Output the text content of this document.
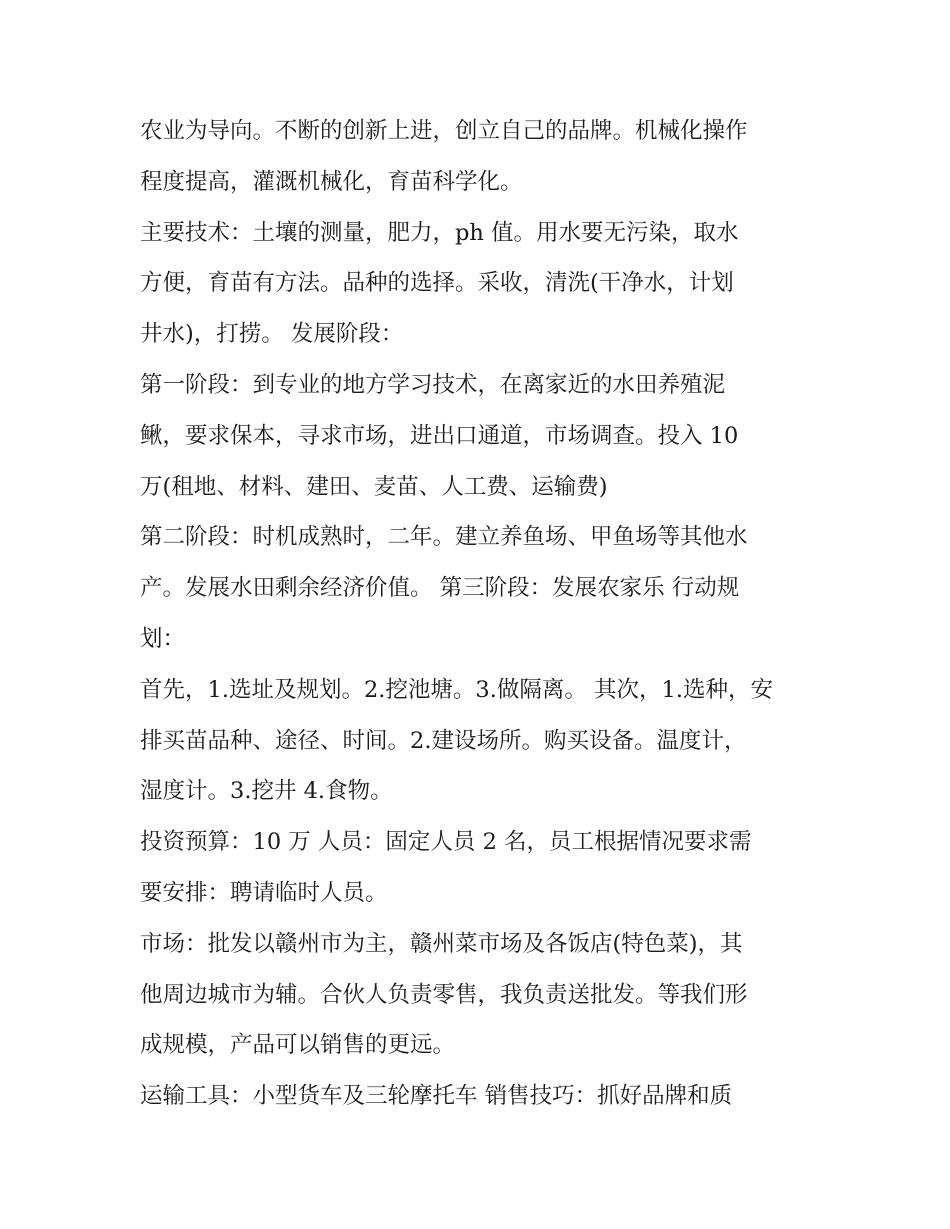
农业为导向。不断的创新上进，创立自己的品牌。机械化操作
程度提高，灌溉机械化，育苗科学化。

主要技术：土壤的测量，肥力，ph 值。用水要无污染，取水
方便，育苗有方法。品种的选择。采收，清洗(干净水，计划
井水)，打捞。 发展阶段：

第一阶段：到专业的地方学习技术，在离家近的水田养殖泥
鳅，要求保本，寻求市场，进出口通道，市场调查。投入 10
万(租地、材料、建田、麦苗、人工费、运输费)

第二阶段：时机成熟时，二年。建立养鱼场、甲鱼场等其他水
产。发展水田剩余经济价值。 第三阶段：发展农家乐 行动规
划：

首先，1.选址及规划。2.挖池塘。3.做隔离。 其次，1.选种，安
排买苗品种、途径、时间。2.建设场所。购买设备。温度计，
湿度计。3.挖井 4.食物。

投资预算：10 万 人员：固定人员 2 名，员工根据情况要求需
要安排：聘请临时人员。

市场：批发以赣州市为主，赣州菜市场及各饭店(特色菜)，其
他周边城市为辅。合伙人负责零售，我负责送批发。等我们形
成规模，产品可以销售的更远。

运输工具：小型货车及三轮摩托车 销售技巧：抓好品牌和质
